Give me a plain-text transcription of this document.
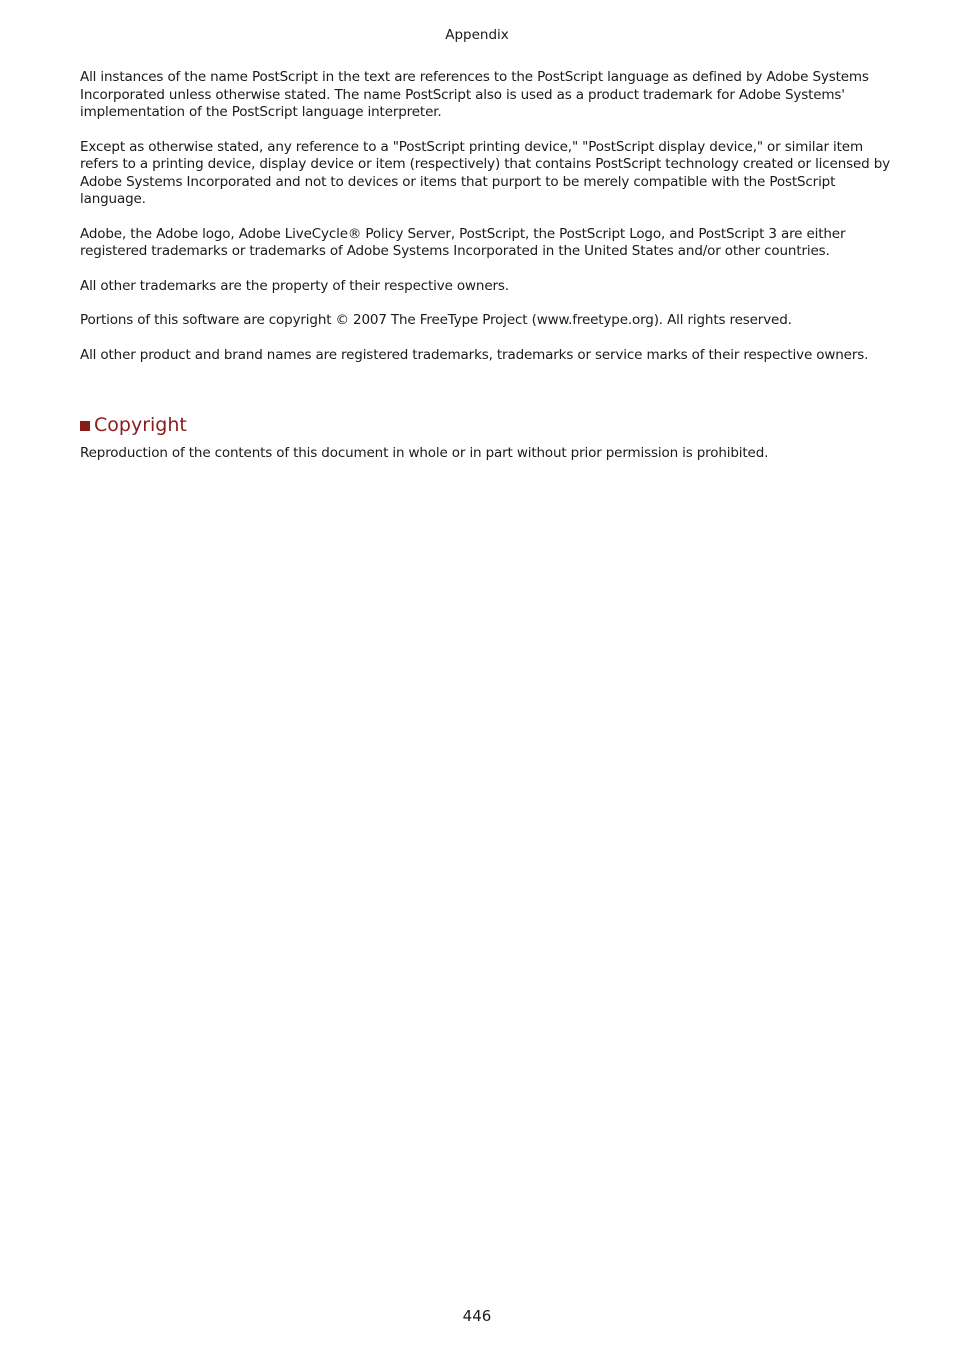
Appendix

All instances of the name PostScript in the text are references to the PostScript language as defined by Adobe Systems Incorporated unless otherwise stated. The name PostScript also is used as a product trademark for Adobe Systems' implementation of the PostScript language interpreter.

Except as otherwise stated, any reference to a "PostScript printing device," "PostScript display device," or similar item refers to a printing device, display device or item (respectively) that contains PostScript technology created or licensed by Adobe Systems Incorporated and not to devices or items that purport to be merely compatible with the PostScript language.

Adobe, the Adobe logo, Adobe LiveCycle® Policy Server, PostScript, the PostScript Logo, and PostScript 3 are either registered trademarks or trademarks of Adobe Systems Incorporated in the United States and/or other countries.

All other trademarks are the property of their respective owners.

Portions of this software are copyright © 2007 The FreeType Project (www.freetype.org). All rights reserved.

All other product and brand names are registered trademarks, trademarks or service marks of their respective owners.

Copyright

Reproduction of the contents of this document in whole or in part without prior permission is prohibited.

446
